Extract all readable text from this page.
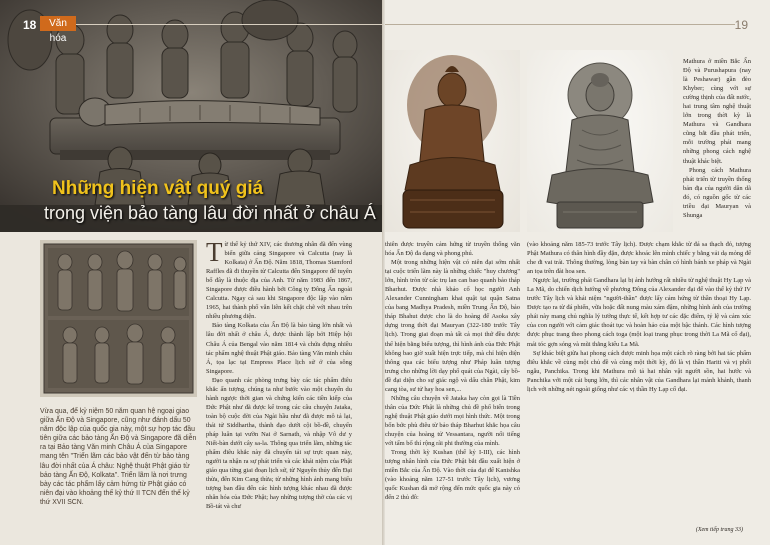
Những hiện vật quý giá
trong viện bảo tàng lâu đời nhất ở châu Á
18	Văn hóa
Vừa qua, để kỷ niệm 50 năm quan hệ ngoại giao giữa Ấn Độ và Singapore, cũng như đánh dấu 50 năm độc lập của quốc gia này, một sự hợp tác đầu tiên giữa các bảo tàng Ấn Độ và Singapore đã diễn ra tại Bảo tàng Văn minh Châu Á của Singapore mang tên "Triển lãm các bảo vật đến từ bảo tàng lâu đời nhất của Á châu: Nghệ thuật Phật giáo từ bảo tàng Ấn Độ, Kolkata". Triển lãm là nơi trưng bày các tác phẩm lấy cảm hứng từ Phật giáo có niên đại vào khoảng thế kỷ thứ II TCN đến thế kỷ thứ XVII SCN.

Từ thế kỷ thứ XIV, các thương nhân đã đến vùng biển giữa cảng Singapore và Calcutta (nay là Kolkata) ở Ấn Độ. Năm 1818, Thomas Stamford Raffles đã đi thuyền từ Calcutta đến Singapore để tuyên bố đây là thuộc địa của Anh. Từ năm 1983 đến 1867, Singapore được điều hành bởi Công ty Đông Ấn ngoài Calcutta. Ngay cả sau khi Singapore độc lập vào năm 1965, hai thành phố vẫn liên kết chặt chẽ với nhau trên nhiều phương diện.

Bảo tàng Kolkata của Ấn Độ là bảo tàng lớn nhất và lâu đời nhất ở châu Á, được thành lập bởi Hiệp hội Châu Á của Bengal vào năm 1814 và chứa đựng nhiều tác phẩm nghệ thuật Phật giáo. Bảo tàng Văn minh châu Á, tọa lạc tại Empress Place lịch sử ở của sông Singapore.

Đạo quanh các phòng trưng bày các tác phẩm điêu khắc ấn tượng, chúng ta như bước vào một chuyến du hành ngược thời gian và chứng kiến các tiền kiếp của Đức Phật như đã được kể trong các câu chuyện Jataka, toàn bộ cuộc đời của Ngài hầu như đã được mô tả lại, thái tử Siddhartha, thành đạo dưới cội bồ-đề, chuyển pháp luân tại vườn Nai ở Sarnath, và nhập Vô dư y Niết-bàn dưới cây sa-la. Thông qua triển lãm, những tác phẩm điêu khắc này đã chuyển tải sự trực quan này, người ta nhận ra sự phát triển và các khái niệm của Phật giáo qua từng giai đoạn lịch sử, từ Nguyên thủy đến Đại thừa, đến Kim Cang thừa; từ những hình ảnh mang biểu tượng ban đầu đến các hình tượng khác nhau đã được nhân hóa của Đức Phật; hay những tượng thờ của các vị Bồ-tát và chư

19

Mathura ở miền Bắc Ấn Độ và Purushapura (nay là Peshawar) gần đèo Khyber; cùng với sự cường thịnh của đất nước, hai trung tâm nghệ thuật lớn trong thời kỳ là Mathura và Gandhara cũng bắt đầu phát triển, mỗi trường phái mang những phong cách nghệ thuật khác biệt.

Phong cách Mathura phát triển từ truyền thống bản địa của người dân dã đó, có nguồn gốc từ các triều đại Mauryan và Shunga

thiên được truyền cảm hứng từ truyền thống văn hóa Ấn Độ đa dạng và phong phú.

Một trong những hiện vật có niên đại sớm nhất tại cuộc triển lãm này là những chiếc "huy chương" lớn, hình tròn từ các trụ lan can bao quanh bảo tháp Bharhut. Được nhà khảo cổ học người Anh Alexander Cunningham khai quật tại quận Satna của bang Madhya Pradesh, miền Trung Ấn Độ, bảo tháp Bhahut được cho là do hoàng đế Asoka xây dựng trong thời đại Mauryan (322-180 trước Tây lịch). Trong giai đoạn mà tất cả mọi thứ đều được thể hiện bằng biểu tượng, thì hình ảnh của Đức Phật không bao giờ xuất hiện trực tiếp, mà chỉ hiện diện thông qua các biểu tượng như Pháp luân tượng trưng cho những lời dạy phổ quát của Ngài, cây bồ-đề đại diện cho sự giác ngộ và dấu chân Phật, kim cang tòa, sư tử hay hoa sen,...

Những câu chuyện về Jataka hay còn gọi là Tiền thân của Đức Phật là những chủ đề phổ biến trong nghệ thuật Phật giáo dưới mọi hình thức. Một trong bốn bức phù điêu từ bảo tháp Bharhut khắc họa câu chuyện của hoàng tử Vessantara, người nổi tiếng với tấm bố thí rộng rãi phi thường của mình.

Trong thời kỳ Kushan (thế kỷ I-III), các hình tượng nhân hình của Đức Phật bắt đầu xuất hiện ở miền Bắc của Ấn Độ. Vào thời của đại đế Kanishka (vào khoảng năm 127-51 trước Tây lịch), vương quốc Kushan đã mở rộng đến mức quốc gia này có đến 2 thủ đô:

(vào khoảng năm 185-73 trước Tây lịch). Được chạm khắc từ đá sa thạch đỏ, tượng Phật Mathura có thân hình đầy đặn, được khoác lên mình chiếc y bằng vải dạ mỏng để che đi vai trái. Thông thường, lòng bàn tay và bàn chân có hình bánh xe pháp và Ngài an tọa trên đài hoa sen.

Ngược lại, trường phái Gandhara lại bị ảnh hưởng rất nhiều từ nghệ thuật Hy Lạp và La Mã, do chiến dịch hướng về phương Đông của Alexander đại đế vào thế kỷ thứ IV trước Tây lịch và khái niệm "người-thần" được lấy cảm hứng từ thần thoại Hy Lạp. Được tạo ra từ đá phiến, vữa hoặc đất nung màu xám đậm, những hình ảnh của trường phái này mang chủ nghĩa lý tưởng thực tế, kết hợp tư các đặc điểm, tỷ lệ và cảm xúc của con người với cảm giác thoát tục và hoàn hảo của một bậc thánh. Các hình tượng được phục trang theo phong cách toga (một loại trang phục trong thời La Mã cổ đại), mái tóc gợn sóng và mũi thẳng kiểu La Mã.

Sự khác biệt giữa hai phong cách được minh họa một cách rõ ràng bởi hai tác phẩm điêu khắc về cùng một chủ đề và cùng một thời kỳ, đó là vị thần Hariti và vị phối ngẫu, Panchika. Trong khi Mathura mô tả hai nhân vật người sồn, hai hước và Panchika với một cái bụng lớn, thì các nhân vật của Gandhara lại mảnh khảnh, thanh lịch với những nét ngoài giống như các vị thần Hy Lạp cổ đại.

(Xem tiếp trang 33)
